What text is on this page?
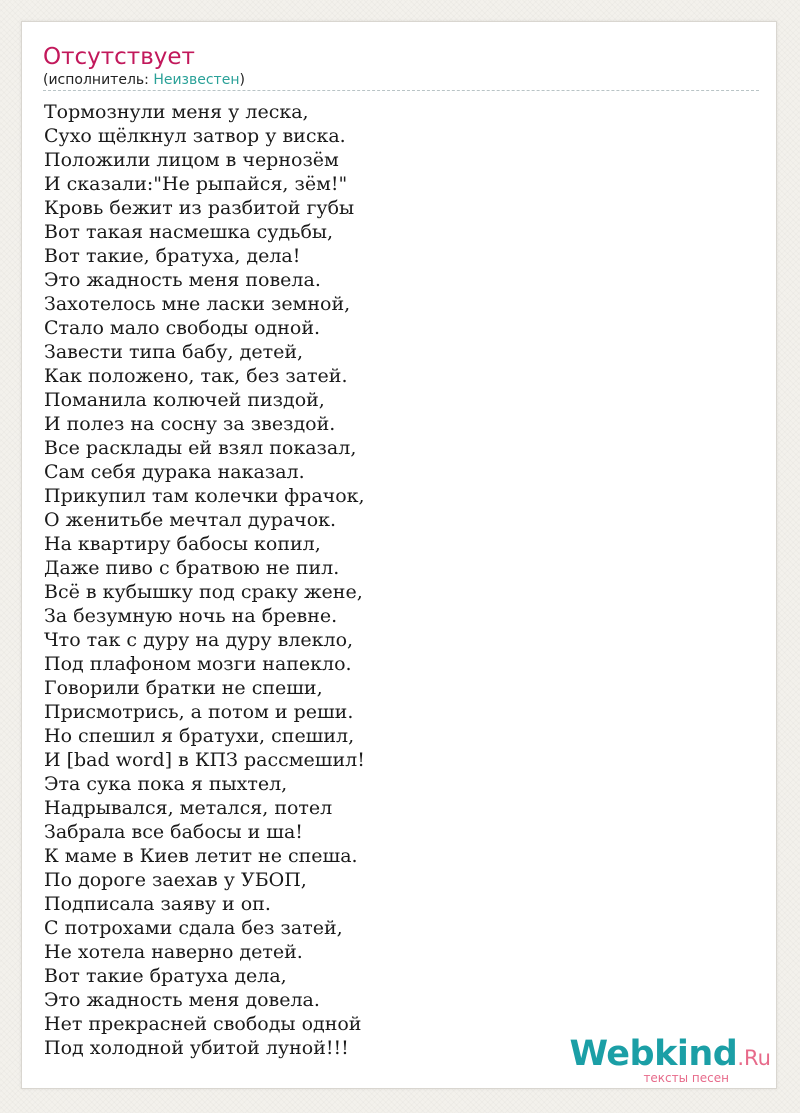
Отсутствует
(исполнитель: Неизвестен)
Тормознули меня у леска,
Сухо щёлкнул затвор у виска.
Положили лицом в чернозём
И сказали:"Не рыпайся, зём!"
Кровь бежит из разбитой губы
Вот такая насмешка судьбы,
Вот такие, братуха, дела!
Это жадность меня повела.
Захотелось мне ласки земной,
Стало мало свободы одной.
Завести типа бабу, детей,
Как положено, так, без затей.
Поманила колючей пиздой,
И полез на сосну за звездой.
Все расклады ей взял показал,
Сам себя дурака наказал.
Прикупил там колечки фрачок,
О женитьбе мечтал дурачок.
На квартиру бабосы копил,
Даже пиво с братвою не пил.
Всё в кубышку под сраку жене,
За безумную ночь на бревне.
Что так с дуру на дуру влекло,
Под плафоном мозги напекло.
Говорили братки не спеши,
Присмотрись, а потом и реши.
Но спешил я братухи, спешил,
И [bad word] в КПЗ рассмешил!
Эта сука пока я пыхтел,
Надрывался, метался, потел
Забрала все бабосы и ша!
К маме в Киев летит не спеша.
По дороге заехав у УБОП,
Подписала заяву и оп.
С потрохами сдала без затей,
Не хотела наверно детей.
Вот такие братуха дела,
Это жадность меня довела.
Нет прекрасней свободы одной
Под холодной убитой луной!!!	Webkind.Ru
тексты песен
